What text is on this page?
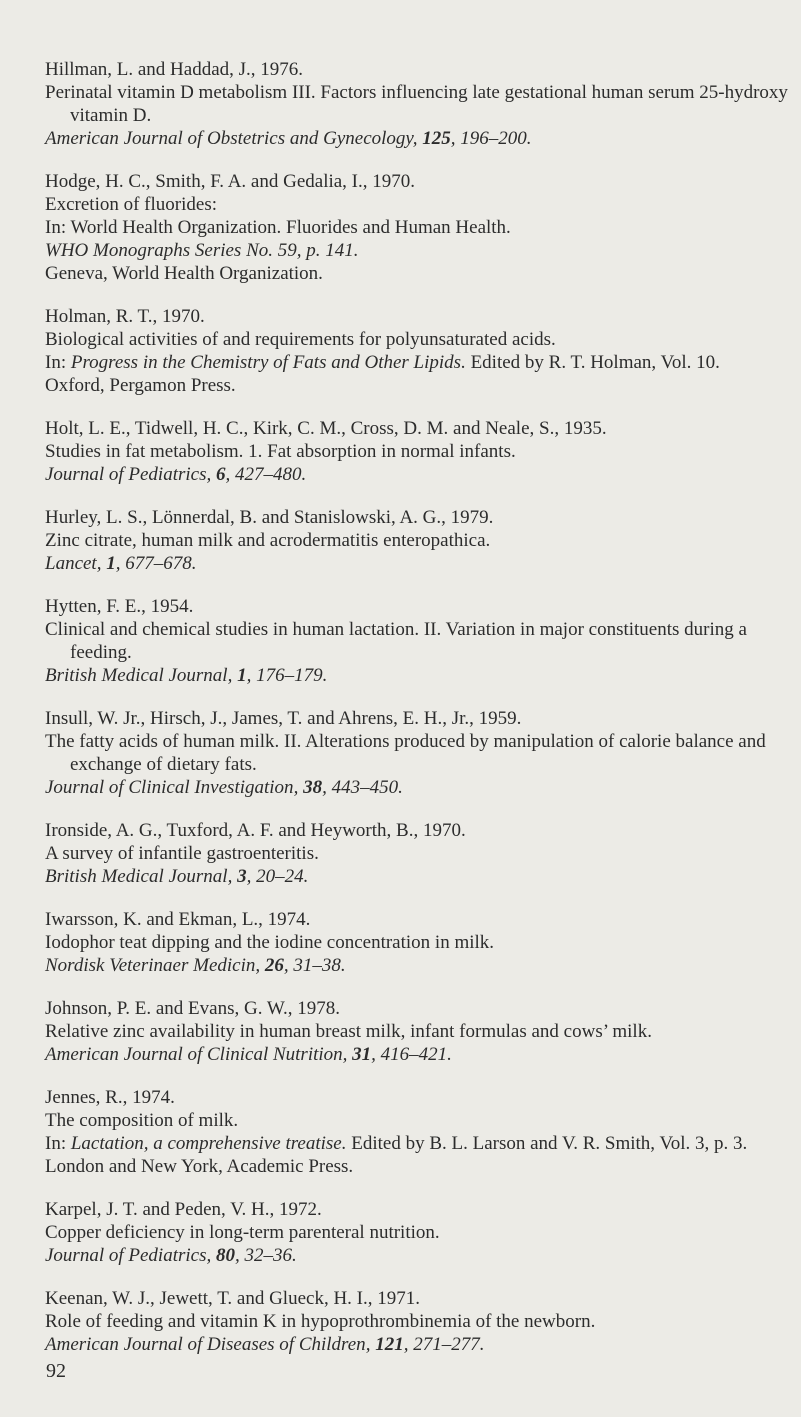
Hillman, L. and Haddad, J., 1976.
Perinatal vitamin D metabolism III. Factors influencing late gestational human serum 25-hydroxy vitamin D.
American Journal of Obstetrics and Gynecology, 125, 196–200.
Hodge, H. C., Smith, F. A. and Gedalia, I., 1970.
Excretion of fluorides:
In: World Health Organization. Fluorides and Human Health.
WHO Monographs Series No. 59, p. 141.
Geneva, World Health Organization.
Holman, R. T., 1970.
Biological activities of and requirements for polyunsaturated acids.
In: Progress in the Chemistry of Fats and Other Lipids. Edited by R. T. Holman, Vol. 10.
Oxford, Pergamon Press.
Holt, L. E., Tidwell, H. C., Kirk, C. M., Cross, D. M. and Neale, S., 1935.
Studies in fat metabolism. 1. Fat absorption in normal infants.
Journal of Pediatrics, 6, 427–480.
Hurley, L. S., Lönnerdal, B. and Stanislowski, A. G., 1979.
Zinc citrate, human milk and acrodermatitis enteropathica.
Lancet, 1, 677–678.
Hytten, F. E., 1954.
Clinical and chemical studies in human lactation. II. Variation in major constituents during a feeding.
British Medical Journal, 1, 176–179.
Insull, W. Jr., Hirsch, J., James, T. and Ahrens, E. H., Jr., 1959.
The fatty acids of human milk. II. Alterations produced by manipulation of calorie balance and exchange of dietary fats.
Journal of Clinical Investigation, 38, 443–450.
Ironside, A. G., Tuxford, A. F. and Heyworth, B., 1970.
A survey of infantile gastroenteritis.
British Medical Journal, 3, 20–24.
Iwarsson, K. and Ekman, L., 1974.
Iodophor teat dipping and the iodine concentration in milk.
Nordisk Veterinaer Medicin, 26, 31–38.
Johnson, P. E. and Evans, G. W., 1978.
Relative zinc availability in human breast milk, infant formulas and cows’ milk.
American Journal of Clinical Nutrition, 31, 416–421.
Jennes, R., 1974.
The composition of milk.
In: Lactation, a comprehensive treatise. Edited by B. L. Larson and V. R. Smith, Vol. 3, p. 3.
London and New York, Academic Press.
Karpel, J. T. and Peden, V. H., 1972.
Copper deficiency in long-term parenteral nutrition.
Journal of Pediatrics, 80, 32–36.
Keenan, W. J., Jewett, T. and Glueck, H. I., 1971.
Role of feeding and vitamin K in hypoprothrombinemia of the newborn.
American Journal of Diseases of Children, 121, 271–277.
92
